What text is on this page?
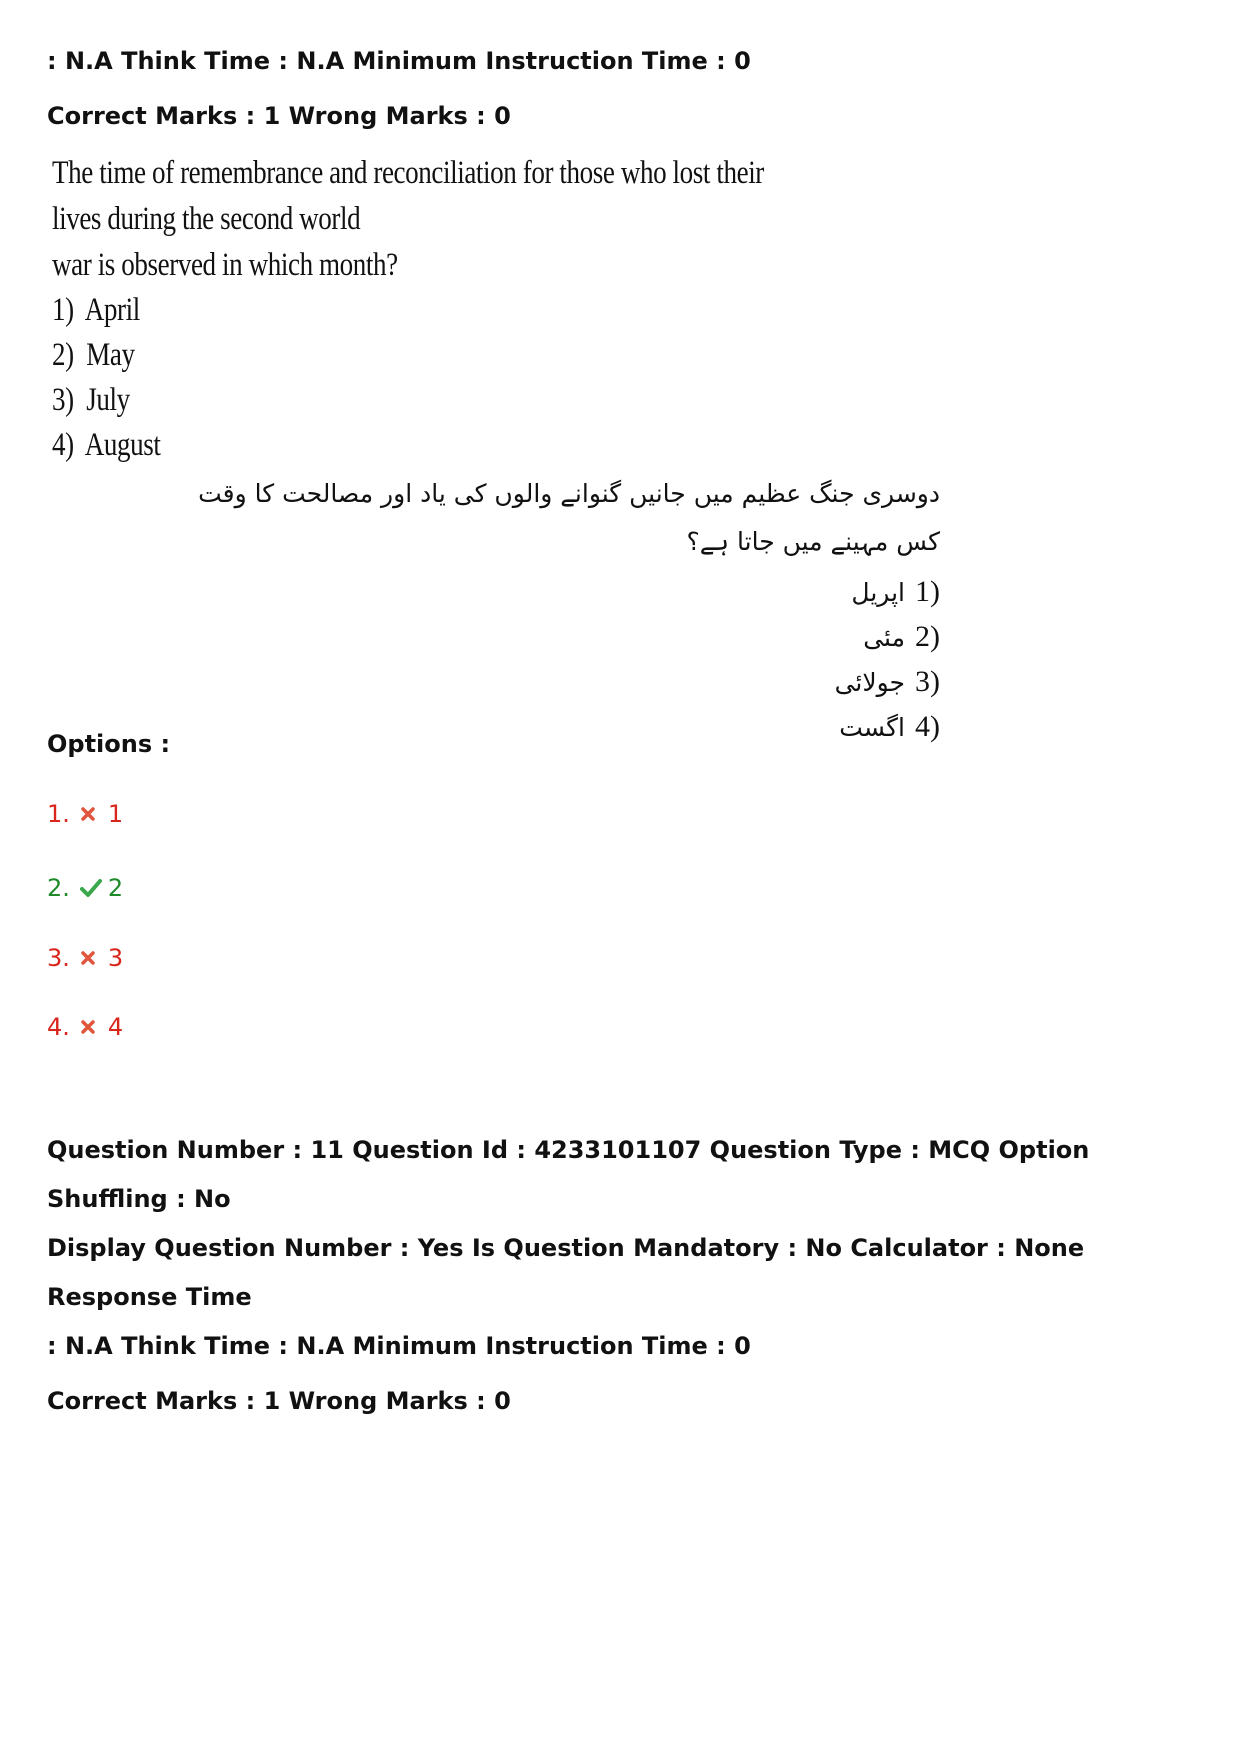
: N.A Think Time : N.A Minimum Instruction Time : 0
Correct Marks : 1 Wrong Marks : 0
The time of remembrance and reconciliation for those who lost their lives during the second world
war is observed in which month?
1) April
2) May
3) July
4) August
دوسری جنگ عظیم میں جانیں گنوانے والوں کی یاد اور مصالحت کا وقت کس مہینے میں جاتا ہے؟
(1اپریل
(2مئی
(3جولائی
(4اگست
Options :
1. 1
2. 2
3. 3
4. 4
Question Number : 11 Question Id : 4233101107 Question Type : MCQ Option Shuffling : No
Display Question Number : Yes Is Question Mandatory : No Calculator : None Response Time
: N.A Think Time : N.A Minimum Instruction Time : 0
Correct Marks : 1 Wrong Marks : 0
